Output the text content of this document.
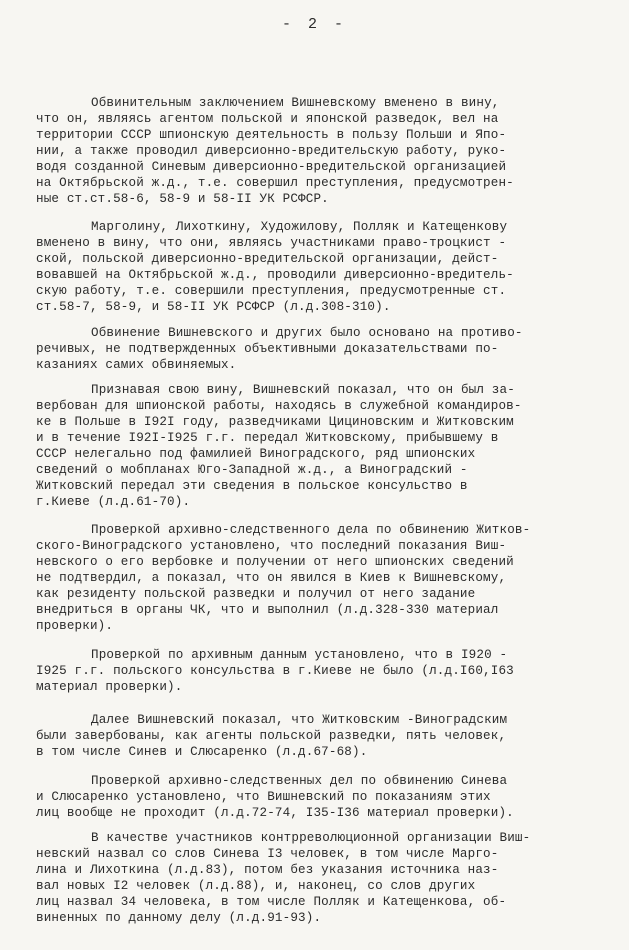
- 2 -
Обвинительным заключением Вишневскому вменено в вину,
что он, являясь агентом польской и японской разведок, вел на
территории СССР шпионскую деятельность в пользу Польши и Япо-
нии, а также проводил диверсионно-вредительскую работу, руко-
водя созданной Синевым диверсионно-вредительской организацией
на Октябрьской ж.д., т.е. совершил преступления, предусмотрен-
ные ст.ст.58-6, 58-9 и 58-II УК РСФСР.
Марголину, Лихоткину, Художилову, Полляк и Катещенкову
вменено в вину, что они, являясь участниками право-троцкист -
ской, польской диверсионно-вредительской организации, дейст-
вовавшей на Октябрьской ж.д., проводили диверсионно-вредитель-
скую работу, т.е. совершили преступления, предусмотренные ст.
ст.58-7, 58-9, и 58-II УК РСФСР (л.д.308-310).
Обвинение Вишневского и других было основано на противо-
речивых, не подтвержденных объективными доказательствами по-
казаниях самих обвиняемых.
Признавая свою вину, Вишневский показал, что он был за-
вербован для шпионской работы, находясь в служебной командиров-
ке в Польше в I92I году, разведчиками Цициновским и Житковским
и в течение I92I-I925 г.г. передал Житковскому, прибывшему в
СССР нелегально под фамилией Виноградского, ряд шпионских
сведений о мобпланах Юго-Западной ж.д., а Виноградский -
Житковский передал эти сведения в польское консульство в
г.Киеве (л.д.61-70).
Проверкой архивно-следственного дела по обвинению Житков-
ского-Виноградского установлено, что последний показания Виш-
невского о его вербовке и получении от него шпионских сведений
не подтвердил, а показал, что он явился в Киев к Вишневскому,
как резиденту польской разведки и получил от него задание
внедриться в органы ЧК, что и выполнил (л.д.328-330 материал
проверки).
Проверкой по архивным данным установлено, что в I920 -
I925 г.г. польского консульства в г.Киеве не было (л.д.I60,I63
материал проверки).
Далее Вишневский показал, что Житковским -Виноградским
были завербованы, как агенты польской разведки, пять человек,
в том числе Синев и Слюсаренко (л.д.67-68).
Проверкой архивно-следственных дел по обвинению Синева
и Слюсаренко установлено, что Вишневский по показаниям этих
лиц вообще не проходит (л.д.72-74, I35-I36 материал проверки).
В качестве участников контрреволюционной организации Виш-
невский назвал со слов Синева I3 человек, в том числе Марго-
лина и Лихоткина (л.д.83), потом без указания источника наз-
вал новых I2 человек (л.д.88), и, наконец, со слов других
лиц назвал 34 человека, в том числе Полляк и Катещенкова, об-
виненных по данному делу (л.д.91-93).
